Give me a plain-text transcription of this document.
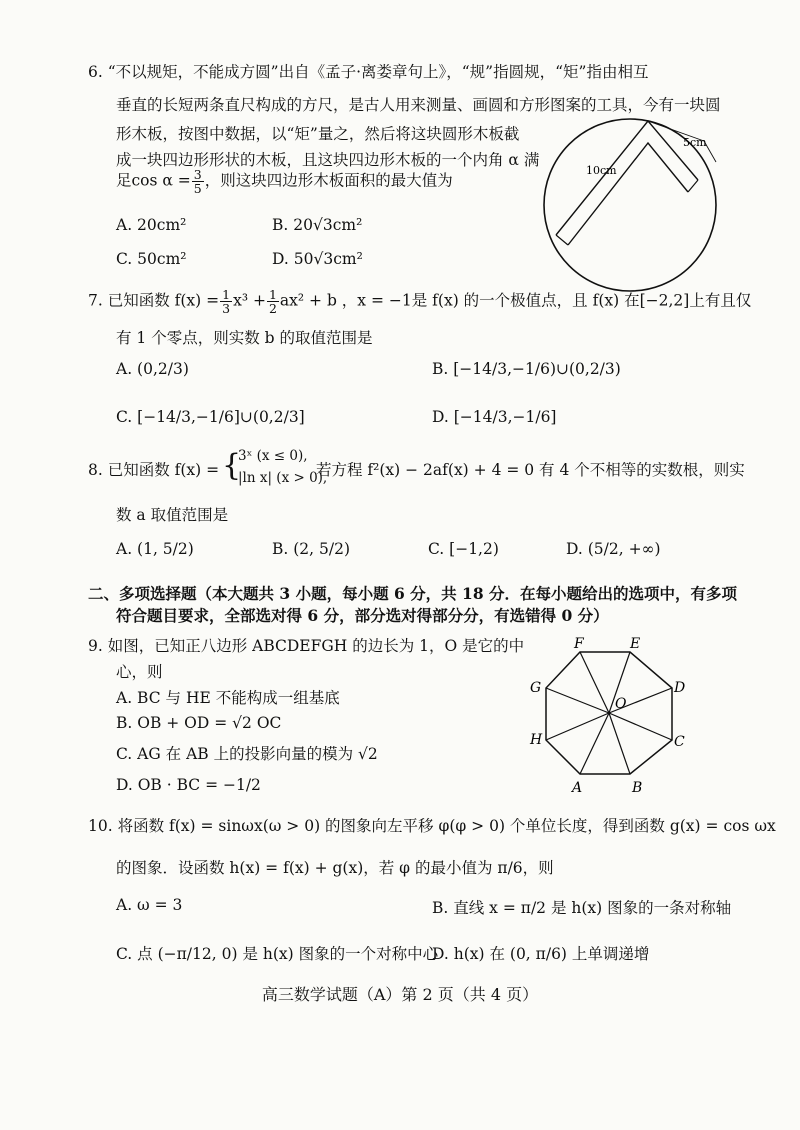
6. “不以规矩，不能成方圆”出自《孟子·离娄章句上》，“规”指圆规，“矩”指由相互
垂直的长短两条直尺构成的方尺，是古人用来测量、画圆和方形图案的工具，今有一块圆
形木板，按图中数据，以“矩”量之，然后将这块圆形木板截
成一块四边形形状的木板，且这块四边形木板的一个内角 α 满
足$\cos \alpha = \frac{3}{5}$ ，则这块四边形木板面积的最大值为
A. 20cm²	B. 20√3cm²
C. 50cm²	D. 50√3cm²
5cm
10cm
7. 已知函数 $f(x) = \frac{1}{3} x^3 + \frac{1}{2} ax^2 + b$ ，x = −1是 f(x) 的一个极值点，且 f(x) 在[−2,2]上有且仅
有 1 个零点，则实数 b 的取值范围是
A. (0,2/3)	B. [−14/3,−1/6)∪(0,2/3)
C. [−14/3,−1/6]∪(0,2/3]	D. [−14/3,−1/6]
8. 已知函数 f(x) = {
3ˣ (x ≤ 0),
|ln x| (x > 0),
若方程 f²(x) − 2af(x) + 4 = 0 有 4 个不相等的实数根，则实
数 a 取值范围是
A. (1, 5/2)	B. (2, 5/2)	C. [−1,2)	D. (5/2, +∞)
二、多项选择题（本大题共 3 小题，每小题 6 分，共 18 分．在每小题给出的选项中，有多项
符合题目要求，全部选对得 6 分，部分选对得部分分，有选错得 0 分）
9. 如图，已知正八边形 ABCDEFGH 的边长为 1，O 是它的中
心，则
A. BC 与 HE 不能构成一组基底
B. OB + OD = √2 OC
C. AG 在 AB 上的投影向量的模为 √2
D. OB · BC = −1/2	A	B
C
D
E
F
G
H
O
10. 将函数 f(x) = sinωx(ω > 0) 的图象向左平移 φ(φ > 0) 个单位长度，得到函数 g(x) = cos ωx
的图象．设函数 h(x) = f(x) + g(x)，若 φ 的最小值为 π/6，则
A. ω = 3	B. 直线 x = π/2 是 h(x) 图象的一条对称轴
C. 点 (−π/12, 0) 是 h(x) 图象的一个对称中心
D. h(x) 在 (0, π/6) 上单调递增
高三数学试题（A）第 2 页（共 4 页）
